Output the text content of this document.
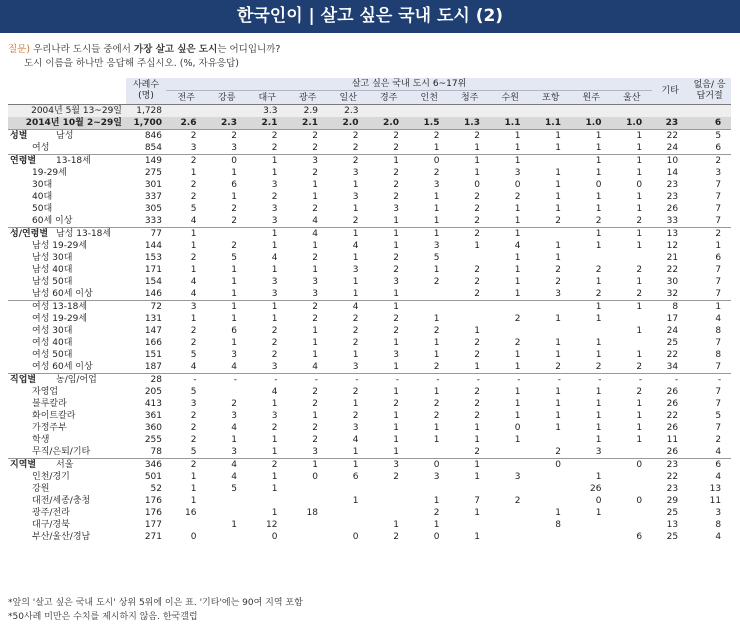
한국인이 | 살고 싶은 국내 도시 (2)
질문) 우리나라 도시들 중에서 가장 살고 싶은 도시는 어디입니까?
도시 이름을 하나만 응답해 주십시오. (%, 자유응답)
	사례수 (명)	살고 싶은 국내 도시 6~17위												기타	없음/ 응답거절
		전주	강릉	대구	광주	일산	경주	인천	청주	수원	포항	원주	울산		
2004년 5월 13~29일	1,728			3.3	2.9	2.3									
2014년 10월 2~29일	1,700	2.6	2.3	2.1	2.1	2.0	2.0	1.5	1.3	1.1	1.1	1.0	1.0	23	6
성별 남성	846	2	2	2	2	2	2	2	2	1	1	1	1	22	5
여성	854	3	3	2	2	2	2	1	1	1	1	1	1	24	6
연령별 13-18세	149	2	0	1	3	2	1	0	1	1		1	1	10	2
19-29세	275	1	1	1	2	3	2	2	1	3	1	1	1	14	3
30대	301	2	6	3	1	1	2	3	0	0	1	0	0	23	7
40대	337	2	1	2	1	3	2	1	2	2	1	1	1	23	7
50대	305	5	2	3	2	1	3	1	2	1	1	1	1	26	7
60세 이상	333	4	2	3	4	2	1	1	2	1	2	2	2	33	7
성/연령별 남성 13-18세	77	1		1	4	1	1	1	2	1		1	1	13	2
남성 19-29세	144	1	2	1	1	4	1	3	1	4	1	1	1	12	1
남성 30대	153	2	5	4	2	1	2	5		1	1			21	6
남성 40대	171	1	1	1	1	3	2	1	2	1	2	2	2	22	7
남성 50대	154	4	1	3	3	1	3	2	2	1	2	1	1	30	7
남성 60세 이상	146	4	1	3	3	1	1		2	1	3	2	2	32	7
여성 13-18세	72	3	1	1	2	4	1					1	1	8	1
여성 19-29세	131	1	1	1	2	2	2	1		2	1	1		17	4
여성 30대	147	2	6	2	1	2	2	2	1				1	24	8
여성 40대	166	2	1	2	1	2	1	1	2	2	1	1		25	7
여성 50대	151	5	3	2	1	1	3	1	2	1	1	1	1	22	8
여성 60세 이상	187	4	4	3	4	3	1	2	1	1	2	2	2	34	7
직업별 농/임/어업	28	-	-	-	-	-	-	-	-	-	-	-	-	-	-
자영업	205	5		4	2	2	1	1	2	1	1	1	2	26	7
블루칼라	413	3	2	1	2	1	2	2	2	1	1	1	1	26	7
화이트칼라	361	2	3	3	1	2	1	2	2	1	1	1	1	22	5
가정주부	360	2	4	2	2	3	1	1	1	0	1	1	1	26	7
학생	255	2	1	1	2	4	1	1	1	1		1	1	11	2
무직/은퇴/기타	78	5	3	1	3	1	1		2		2	3		26	4
지역별 서울	346	2	4	2	1	1	3	0	1		0		0	23	6
인천/경기	501	1	4	1	0	6	2	3	1	3		1		22	4
강원	52	1	5	1								26		23	13
대전/세종/충청	176	1				1		1	7	2		0	0	29	11
광주/전라	176	16		1	18			2	1		1	1		25	3
대구/경북	177		1	12			1	1			8			13	8
부산/울산/경남	271	0		0		0	2	0	1				6	25	4
*앞의 '살고 싶은 국내 도시' 상위 5위에 이은 표. '기타'에는 90여 지역 포함
*50사례 미만은 수치를 제시하지 않음. 한국갤럽
